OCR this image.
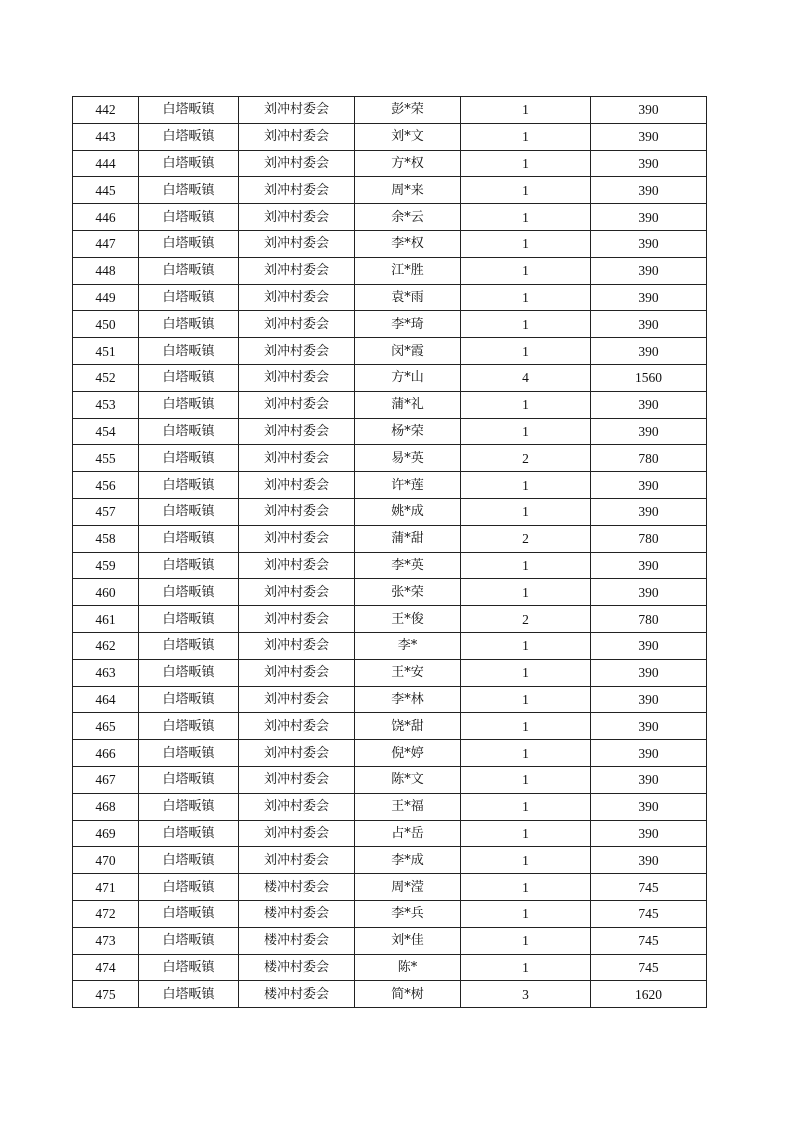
442	白塔畈镇	刘冲村委会	彭*荣	1	390
443	白塔畈镇	刘冲村委会	刘*文	1	390
444	白塔畈镇	刘冲村委会	方*权	1	390
445	白塔畈镇	刘冲村委会	周*来	1	390
446	白塔畈镇	刘冲村委会	余*云	1	390
447	白塔畈镇	刘冲村委会	李*权	1	390
448	白塔畈镇	刘冲村委会	江*胜	1	390
449	白塔畈镇	刘冲村委会	袁*雨	1	390
450	白塔畈镇	刘冲村委会	李*琦	1	390
451	白塔畈镇	刘冲村委会	闵*霞	1	390
452	白塔畈镇	刘冲村委会	方*山	4	1560
453	白塔畈镇	刘冲村委会	蒲*礼	1	390
454	白塔畈镇	刘冲村委会	杨*荣	1	390
455	白塔畈镇	刘冲村委会	易*英	2	780
456	白塔畈镇	刘冲村委会	许*莲	1	390
457	白塔畈镇	刘冲村委会	姚*成	1	390
458	白塔畈镇	刘冲村委会	蒲*甜	2	780
459	白塔畈镇	刘冲村委会	李*英	1	390
460	白塔畈镇	刘冲村委会	张*荣	1	390
461	白塔畈镇	刘冲村委会	王*俊	2	780
462	白塔畈镇	刘冲村委会	李*	1	390
463	白塔畈镇	刘冲村委会	王*安	1	390
464	白塔畈镇	刘冲村委会	李*林	1	390
465	白塔畈镇	刘冲村委会	饶*甜	1	390
466	白塔畈镇	刘冲村委会	倪*婷	1	390
467	白塔畈镇	刘冲村委会	陈*文	1	390
468	白塔畈镇	刘冲村委会	王*福	1	390
469	白塔畈镇	刘冲村委会	占*岳	1	390
470	白塔畈镇	刘冲村委会	李*成	1	390
471	白塔畈镇	楼冲村委会	周*滢	1	745
472	白塔畈镇	楼冲村委会	李*兵	1	745
473	白塔畈镇	楼冲村委会	刘*佳	1	745
474	白塔畈镇	楼冲村委会	陈*	1	745
475	白塔畈镇	楼冲村委会	简*树	3	1620
